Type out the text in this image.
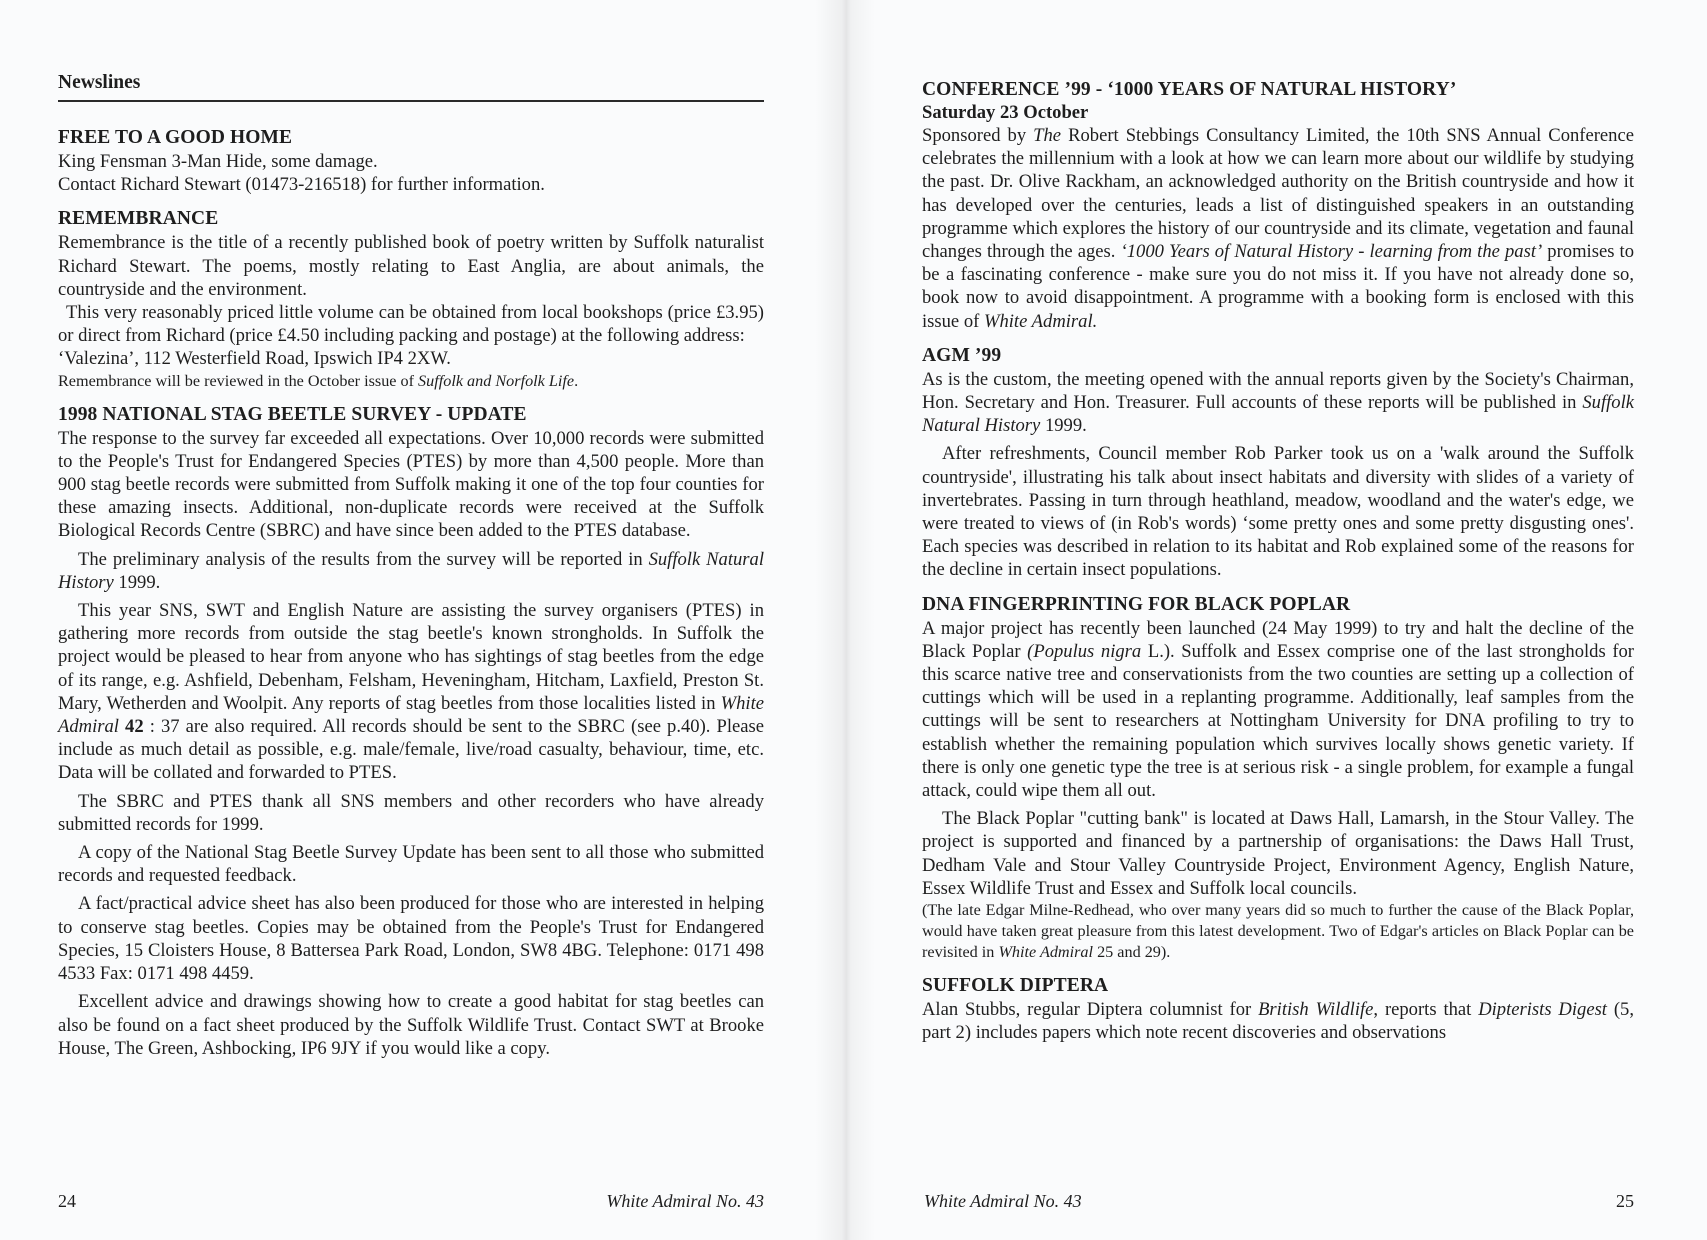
Newslines
FREE TO A GOOD HOME

King Fensman 3-Man Hide, some damage.

Contact Richard Stewart (01473-216518) for further information.

REMEMBRANCE

Remembrance is the title of a recently published book of poetry written by Suffolk naturalist Richard Stewart. The poems, mostly relating to East Anglia, are about animals, the countryside and the environment.

This very reasonably priced little volume can be obtained from local bookshops (price £3.95) or direct from Richard (price £4.50 including packing and postage) at the following address:

‘Valezina’, 112 Westerfield Road, Ipswich IP4 2XW.

Remembrance will be reviewed in the October issue of Suffolk and Norfolk Life.

1998 NATIONAL STAG BEETLE SURVEY - UPDATE

The response to the survey far exceeded all expectations. Over 10,000 records were submitted to the People's Trust for Endangered Species (PTES) by more than 4,500 people. More than 900 stag beetle records were submitted from Suffolk making it one of the top four counties for these amazing insects. Additional, non-duplicate records were received at the Suffolk Biological Records Centre (SBRC) and have since been added to the PTES database.

The preliminary analysis of the results from the survey will be reported in Suffolk Natural History 1999.

This year SNS, SWT and English Nature are assisting the survey organisers (PTES) in gathering more records from outside the stag beetle's known strongholds. In Suffolk the project would be pleased to hear from anyone who has sightings of stag beetles from the edge of its range, e.g. Ashfield, Debenham, Felsham, Heveningham, Hitcham, Laxfield, Preston St. Mary, Wetherden and Woolpit. Any reports of stag beetles from those localities listed in White Admiral 42 : 37 are also required. All records should be sent to the SBRC (see p.40). Please include as much detail as possible, e.g. male/female, live/road casualty, behaviour, time, etc. Data will be collated and forwarded to PTES.

The SBRC and PTES thank all SNS members and other recorders who have already submitted records for 1999.

A copy of the National Stag Beetle Survey Update has been sent to all those who submitted records and requested feedback.

A fact/practical advice sheet has also been produced for those who are interested in helping to conserve stag beetles. Copies may be obtained from the People's Trust for Endangered Species, 15 Cloisters House, 8 Battersea Park Road, London, SW8 4BG. Telephone: 0171 498 4533 Fax: 0171 498 4459.

Excellent advice and drawings showing how to create a good habitat for stag beetles can also be found on a fact sheet produced by the Suffolk Wildlife Trust. Contact SWT at Brooke House, The Green, Ashbocking, IP6 9JY if you would like a copy.

24	White Admiral No. 43
CONFERENCE ’99 - ‘1000 YEARS OF NATURAL HISTORY’
Saturday 23 October

Sponsored by The Robert Stebbings Consultancy Limited, the 10th SNS Annual Conference celebrates the millennium with a look at how we can learn more about our wildlife by studying the past. Dr. Olive Rackham, an acknowledged authority on the British countryside and how it has developed over the centuries, leads a list of distinguished speakers in an outstanding programme which explores the history of our countryside and its climate, vegetation and faunal changes through the ages. ‘1000 Years of Natural History - learning from the past’ promises to be a fascinating conference - make sure you do not miss it. If you have not already done so, book now to avoid disappointment. A programme with a booking form is enclosed with this issue of White Admiral.

AGM ’99

As is the custom, the meeting opened with the annual reports given by the Society's Chairman, Hon. Secretary and Hon. Treasurer. Full accounts of these reports will be published in Suffolk Natural History 1999.

After refreshments, Council member Rob Parker took us on a 'walk around the Suffolk countryside', illustrating his talk about insect habitats and diversity with slides of a variety of invertebrates. Passing in turn through heathland, meadow, woodland and the water's edge, we were treated to views of (in Rob's words) ‘some pretty ones and some pretty disgusting ones'. Each species was described in relation to its habitat and Rob explained some of the reasons for the decline in certain insect populations.

DNA FINGERPRINTING FOR BLACK POPLAR

A major project has recently been launched (24 May 1999) to try and halt the decline of the Black Poplar (Populus nigra L.). Suffolk and Essex comprise one of the last strongholds for this scarce native tree and conservationists from the two counties are setting up a collection of cuttings which will be used in a replanting programme. Additionally, leaf samples from the cuttings will be sent to researchers at Nottingham University for DNA profiling to try to establish whether the remaining population which survives locally shows genetic variety. If there is only one genetic type the tree is at serious risk - a single problem, for example a fungal attack, could wipe them all out.

The Black Poplar "cutting bank" is located at Daws Hall, Lamarsh, in the Stour Valley. The project is supported and financed by a partnership of organisations: the Daws Hall Trust, Dedham Vale and Stour Valley Countryside Project, Environment Agency, English Nature, Essex Wildlife Trust and Essex and Suffolk local councils.

(The late Edgar Milne-Redhead, who over many years did so much to further the cause of the Black Poplar, would have taken great pleasure from this latest development. Two of Edgar's articles on Black Poplar can be revisited in White Admiral 25 and 29).

SUFFOLK DIPTERA

Alan Stubbs, regular Diptera columnist for British Wildlife, reports that Dipterists Digest (5, part 2) includes papers which note recent discoveries and observations

White Admiral No. 43	25
